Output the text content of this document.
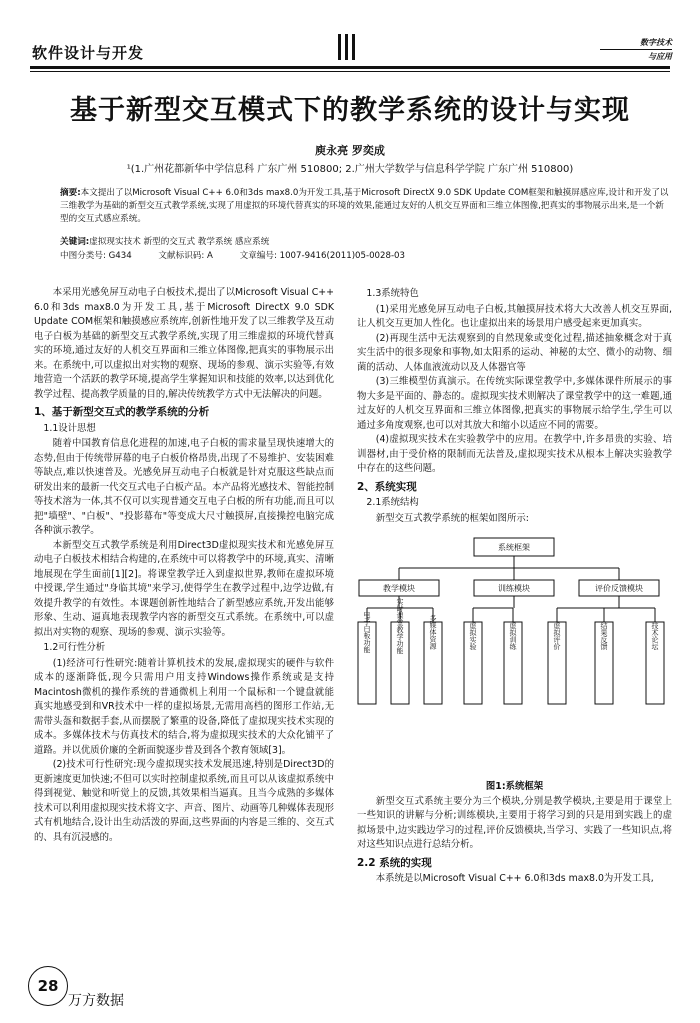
软件设计与开发
数字技术
与应用
基于新型交互模式下的教学系统的设计与实现
庾永亮 罗奕成
¹(1.广州花都新华中学信息科 广东广州 510800; 2.广州大学数学与信息科学学院 广东广州 510800)
摘要:本文提出了以Microsoft Visual C++ 6.0和3ds max8.0为开发工具,基于Microsoft DirectX 9.0 SDK Update COM框架和触摸屏感应库,设计和开发了以三维教学为基础的新型交互式教学系统,实现了用虚拟的环境代替真实的环境的效果,能通过友好的人机交互界面和三维立体图像,把真实的事物展示出来,是一个新型的交互式感应系统。
关键词:虚拟现实技术 新型的交互式 教学系统 感应系统
中图分类号: G434	文献标识码: A	文章编号: 1007-9416(2011)05-0028-03

本采用光感免屏互动电子白板技术,提出了以Microsoft Visual C++ 6.0和3ds max8.0为开发工具,基于Microsoft DirectX 9.0 SDK Update COM框架和触摸感应系统库,创新性地开发了以三维教学及互动电子白板为基础的新型交互式教学系统,实现了用三维虚拟的环境代替真实的环境,通过友好的人机交互界面和三维立体图像,把真实的事物展示出来。在系统中,可以虚拟出对实物的观察、现场的参观、演示实验等,有效地营造一个活跃的教学环境,提高学生掌握知识和技能的效率,以达到优化教学过程、提高教学质量的目的,解决传统教学方式中无法解决的问题。

1、基于新型交互式的教学系统的分析
1.1设计思想

随着中国教育信息化进程的加速,电子白板的需求量呈现快速增大的态势,但由于传统带屏幕的电子白板价格昂贵,出现了不易维护、安装困难等缺点,难以快速普及。光感免屏互动电子白板就是针对克服这些缺点而研发出来的最新一代交互式电子白板产品。本产品将光感技术、智能控制等技术溶为一体,其不仅可以实现普通交互电子白板的所有功能,而且可以把"墙壁"、"白板"、"投影幕布"等变成大尺寸触摸屏,直接操控电脑完成各种演示教学。

本新型交互式教学系统是利用Direct3D虚拟现实技术和光感免屏互动电子白板技术相结合构建的,在系统中可以将教学中的环境,真实、清晰地展现在学生面前[1][2]。将课堂教学迁入到虚拟世界,教师在虚拟环境中授课,学生通过"身临其境"来学习,使得学生在教学过程中,边学边做,有效提升教学的有效性。本课题创新性地结合了新型感应系统,开发出能够形象、生动、逼真地表现教学内容的新型交互式系统。在系统中,可以虚拟出对实物的观察、现场的参观、演示实验等。

1.2可行性分析

(1)经济可行性研究:随着计算机技术的发展,虚拟现实的硬件与软件成本的逐渐降低,现今只需用户用支持Windows操作系统或是支持Macintosh微机的操作系统的普通微机上利用一个鼠标和一个键盘就能真实地感受到和VR技术中一样的虚拟场景,无需用高档的图形工作站,无需带头盔和数据手套,从而摆脱了繁重的设备,降低了虚拟现实技术实现的成本。多媒体技术与仿真技术的结合,将为虚拟现实技术的大众化铺平了道路。并以优质价廉的全新面貌逐步普及到各个教育领域[3]。

(2)技术可行性研究:现今虚拟现实技术发展迅速,特别是Direct3D的更新速度更加快速;不但可以实时控制虚拟系统,而且可以从该虚拟系统中得到视觉、触觉和听觉上的反馈,其效果相当逼真。且当今成熟的多媒体技术可以利用虚拟现实技术将文字、声音、图片、动画等几种媒体表现形式有机地结合,设计出生动活泼的界面,这些界面的内容是三维的、交互式的、具有沉浸感的。

1.3系统特色

(1)采用光感免屏互动电子白板,其触摸屏技术将大大改善人机交互界面,让人机交互更加人性化。也让虚拟出来的场景用户感受起来更加真实。

(2)再现生活中无法观察到的自然现象或变化过程,描述抽象概念对于真实生活中的很多现象和事物,如太阳系的运动、神秘的太空、微小的动物、细菌的活动、人体血液流动以及人体器官等

(3)三维模型仿真演示。在传统实际课堂教学中,多媒体课件所展示的事物大多是平面的、静态的。虚拟现实技术则解决了课堂教学中的这一难题,通过友好的人机交互界面和三维立体图像,把真实的事物展示给学生,学生可以通过多角度观察,也可以对其放大和缩小以适应不同的需要。

(4)虚拟现实技术在实验教学中的应用。在教学中,许多昂贵的实验、培训器材,由于受价格的限制而无法普及,虚拟现实技术从根本上解决实验教学中存在的这些问题。

2、系统实现
2.1系统结构

新型交互式教学系统的框架如图所示:

系统框架
教学模块	训练模块	评价反馈模块
电子白板功能	实时课堂教学功能	多媒体资源	虚拟实验	虚拟训练	虚拟评价	结果反馈	技术论坛
图1:系统框架

新型交互式系统主要分为三个模块,分别是教学模块,主要是用于课堂上一些知识的讲解与分析;训练模块,主要用于将学习到的只是用到实践上的虚拟场景中,边实践边学习的过程,评价反馈模块,当学习、实践了一些知识点,将对这些知识点进行总结分析。

2.2 系统的实现

本系统是以Microsoft Visual C++ 6.0和3ds max8.0为开发工具,

28
万方数据
